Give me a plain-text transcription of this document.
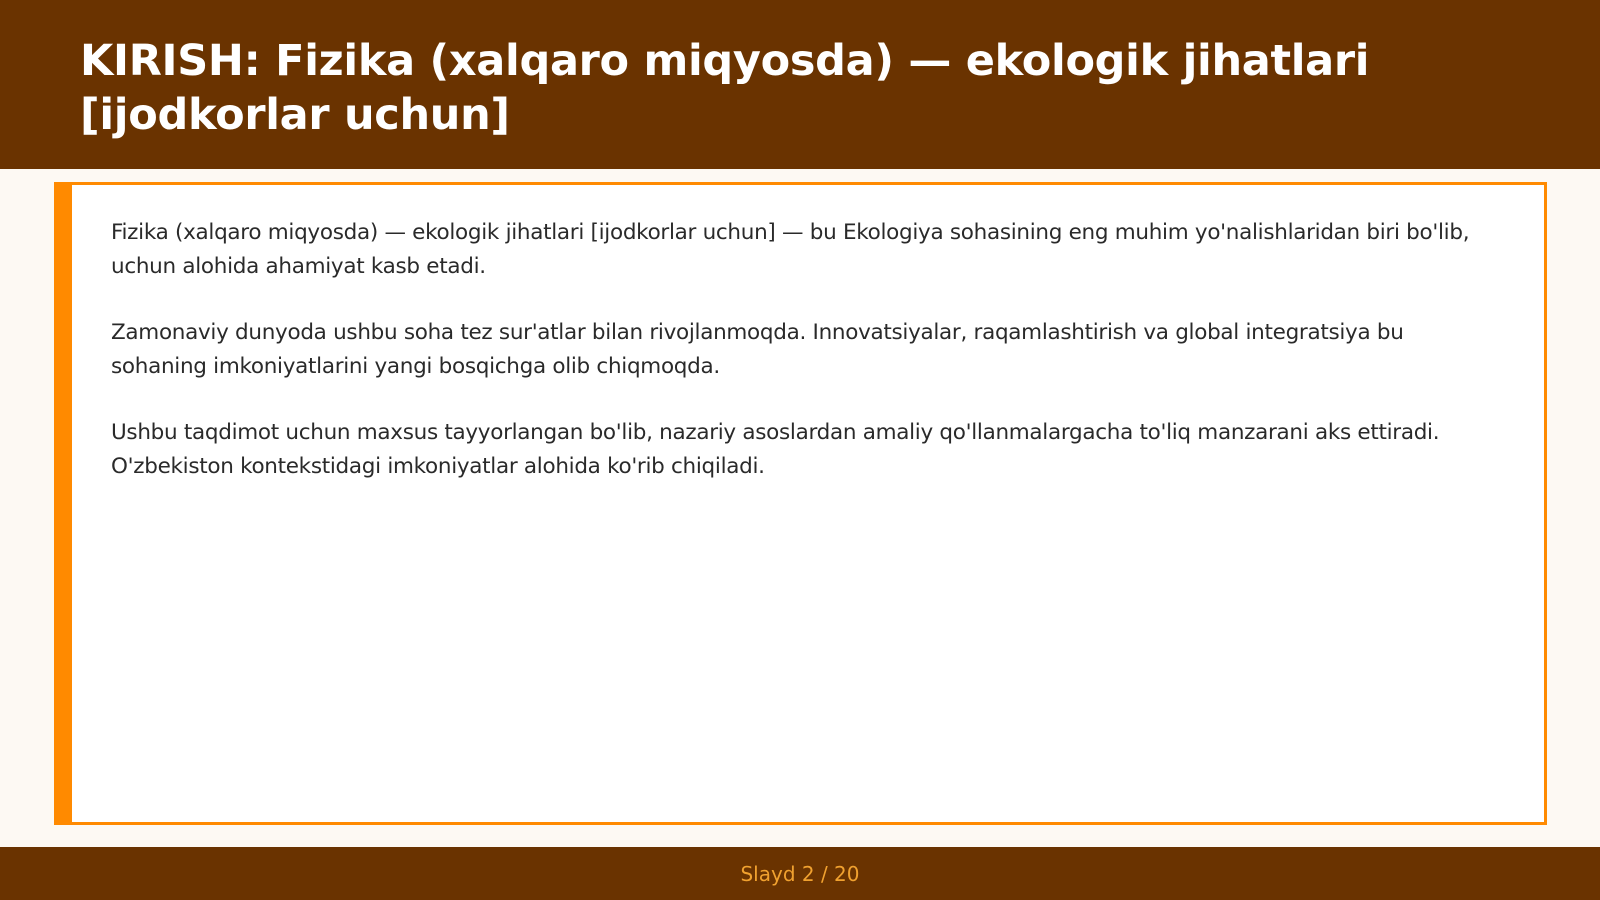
KIRISH: Fizika (xalqaro miqyosda) — ekologik jihatlari [ijodkorlar uchun]

Fizika (xalqaro miqyosda) — ekologik jihatlari [ijodkorlar uchun] — bu Ekologiya sohasining eng muhim yo'nalishlaridan biri bo'lib, uchun alohida ahamiyat kasb etadi.

Zamonaviy dunyoda ushbu soha tez sur'atlar bilan rivojlanmoqda. Innovatsiyalar, raqamlashtirish va global integratsiya bu sohaning imkoniyatlarini yangi bosqichga olib chiqmoqda.

Ushbu taqdimot uchun maxsus tayyorlangan bo'lib, nazariy asoslardan amaliy qo'llanmalargacha to'liq manzarani aks ettiradi. O'zbekiston kontekstidagi imkoniyatlar alohida ko'rib chiqiladi.

Slayd 2 / 20
